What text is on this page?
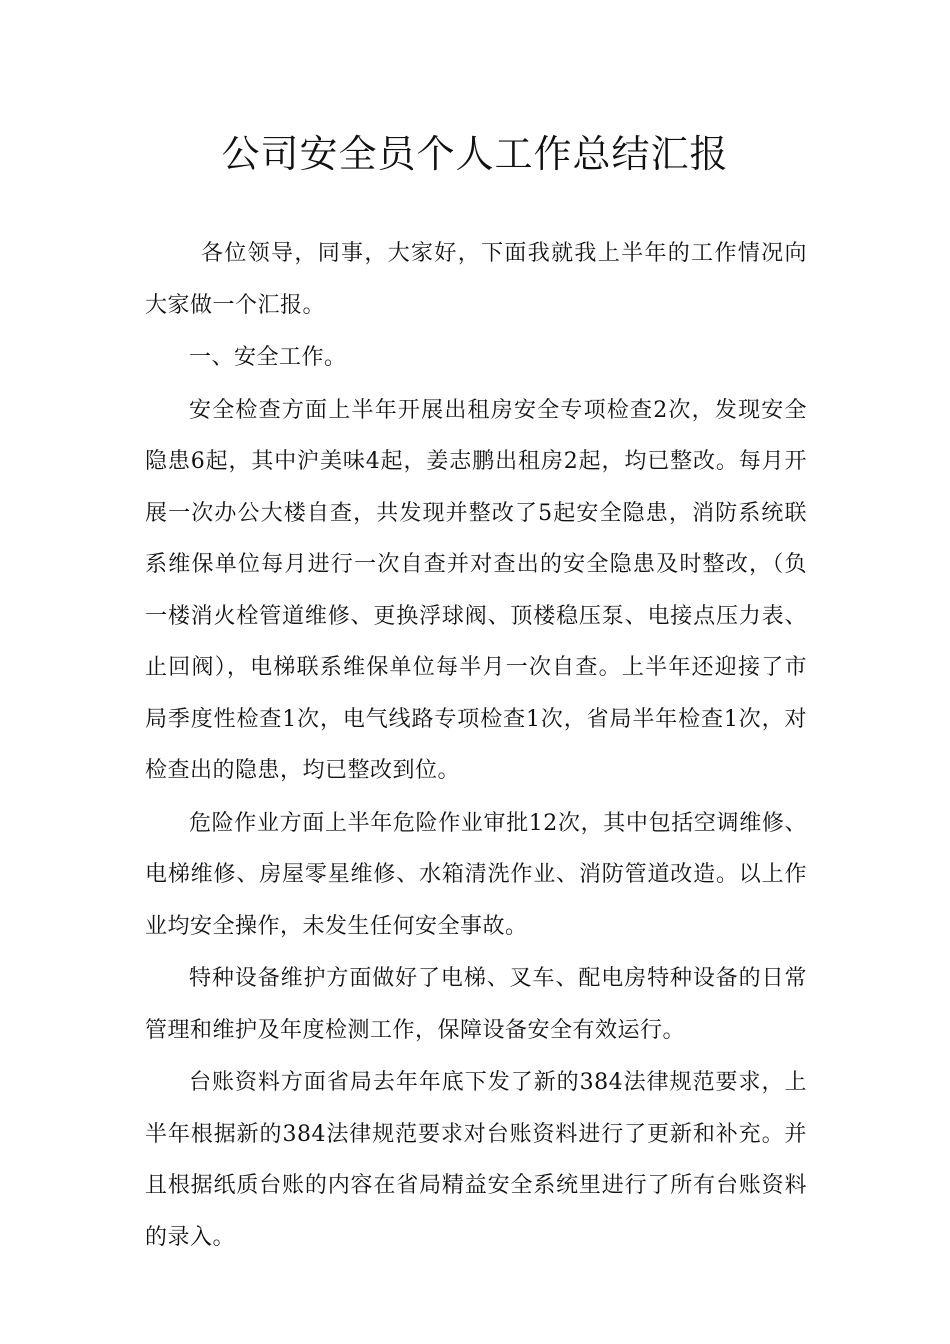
公司安全员个人工作总结汇报

各位领导，同事，大家好，下面我就我上半年的工作情况向大家做一个汇报。

一、安全工作。

安全检查方面上半年开展出租房安全专项检查2次，发现安全隐患6起，其中沪美味4起，姜志鹏出租房2起，均已整改。每月开展一次办公大楼自查，共发现并整改了5起安全隐患，消防系统联系维保单位每月进行一次自查并对查出的安全隐患及时整改，（负一楼消火栓管道维修、更换浮球阀、顶楼稳压泵、电接点压力表、止回阀），电梯联系维保单位每半月一次自查。上半年还迎接了市局季度性检查1次，电气线路专项检查1次，省局半年检查1次，对检查出的隐患，均已整改到位。

危险作业方面上半年危险作业审批12次，其中包括空调维修、电梯维修、房屋零星维修、水箱清洗作业、消防管道改造。以上作业均安全操作，未发生任何安全事故。

特种设备维护方面做好了电梯、叉车、配电房特种设备的日常管理和维护及年度检测工作，保障设备安全有效运行。

台账资料方面省局去年年底下发了新的384法律规范要求，上半年根据新的384法律规范要求对台账资料进行了更新和补充。并且根据纸质台账的内容在省局精益安全系统里进行了所有台账资料的录入。
